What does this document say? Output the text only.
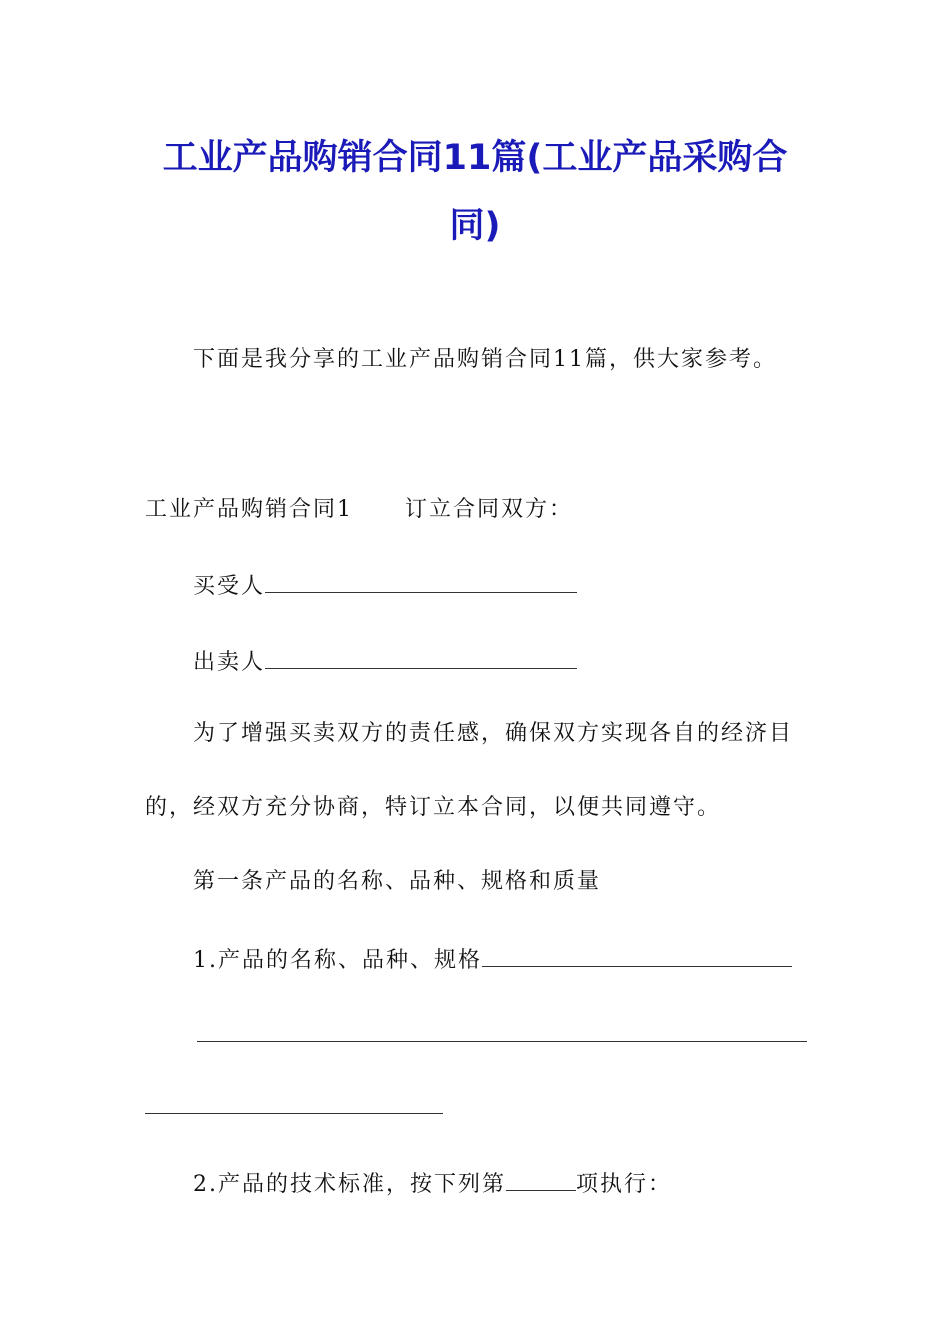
工业产品购销合同11篇(工业产品采购合
同)

下面是我分享的工业产品购销合同11篇，供大家参考。

工业产品购销合同1 订立合同双方：

买受人

出卖人

为了增强买卖双方的责任感，确保双方实现各自的经济目

的，经双方充分协商，特订立本合同，以便共同遵守。

第一条产品的名称、品种、规格和质量

1.产品的名称、品种、规格

2.产品的技术标准，按下列第	项执行：
